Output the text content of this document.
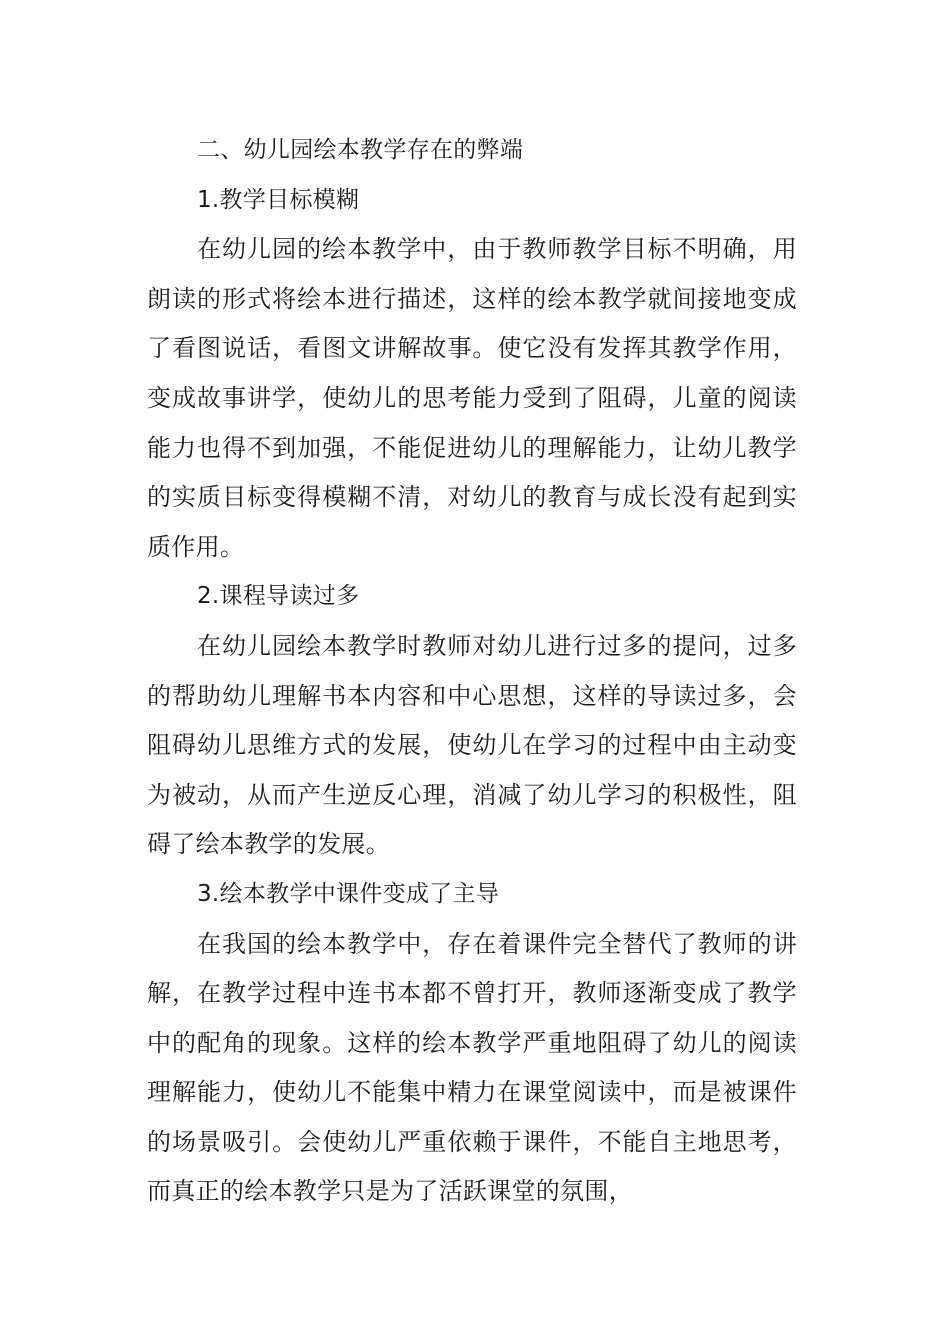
二、幼儿园绘本教学存在的弊端

1.教学目标模糊

在幼儿园的绘本教学中，由于教师教学目标不明确，用朗读的形式将绘本进行描述，这样的绘本教学就间接地变成了看图说话，看图文讲解故事。使它没有发挥其教学作用，变成故事讲学，使幼儿的思考能力受到了阻碍，儿童的阅读能力也得不到加强，不能促进幼儿的理解能力，让幼儿教学的实质目标变得模糊不清，对幼儿的教育与成长没有起到实质作用。

2.课程导读过多

在幼儿园绘本教学时教师对幼儿进行过多的提问，过多的帮助幼儿理解书本内容和中心思想，这样的导读过多，会阻碍幼儿思维方式的发展，使幼儿在学习的过程中由主动变为被动，从而产生逆反心理，消减了幼儿学习的积极性，阻碍了绘本教学的发展。

3.绘本教学中课件变成了主导

在我国的绘本教学中，存在着课件完全替代了教师的讲解，在教学过程中连书本都不曾打开，教师逐渐变成了教学中的配角的现象。这样的绘本教学严重地阻碍了幼儿的阅读理解能力，使幼儿不能集中精力在课堂阅读中，而是被课件的场景吸引。会使幼儿严重依赖于课件，不能自主地思考，而真正的绘本教学只是为了活跃课堂的氛围，
